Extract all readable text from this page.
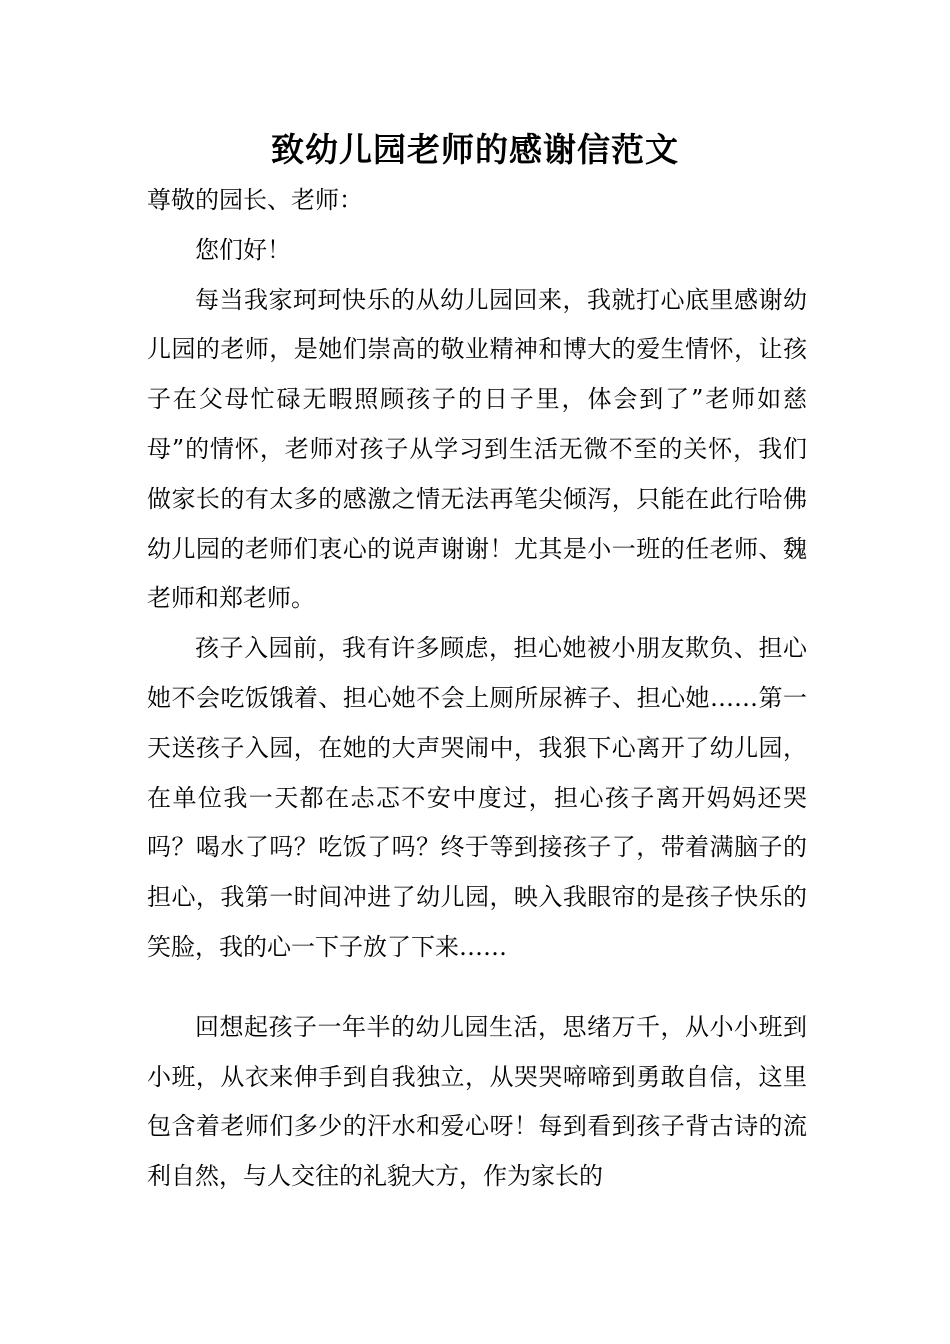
致幼儿园老师的感谢信范文

尊敬的园长、老师：

您们好！

每当我家珂珂快乐的从幼儿园回来，我就打心底里感谢幼儿园的老师，是她们崇高的敬业精神和博大的爱生情怀，让孩子在父母忙碌无暇照顾孩子的日子里，体会到了”老师如慈母”的情怀，老师对孩子从学习到生活无微不至的关怀，我们做家长的有太多的感激之情无法再笔尖倾泻，只能在此行哈佛幼儿园的老师们衷心的说声谢谢！尤其是小一班的任老师、魏老师和郑老师。

孩子入园前，我有许多顾虑，担心她被小朋友欺负、担心她不会吃饭饿着、担心她不会上厕所尿裤子、担心她……第一天送孩子入园，在她的大声哭闹中，我狠下心离开了幼儿园，在单位我一天都在忐忑不安中度过，担心孩子离开妈妈还哭吗？喝水了吗？吃饭了吗？终于等到接孩子了，带着满脑子的担心，我第一时间冲进了幼儿园，映入我眼帘的是孩子快乐的笑脸，我的心一下子放了下来……

回想起孩子一年半的幼儿园生活，思绪万千，从小小班到小班，从衣来伸手到自我独立，从哭哭啼啼到勇敢自信，这里包含着老师们多少的汗水和爱心呀！每到看到孩子背古诗的流利自然，与人交往的礼貌大方，作为家长的
